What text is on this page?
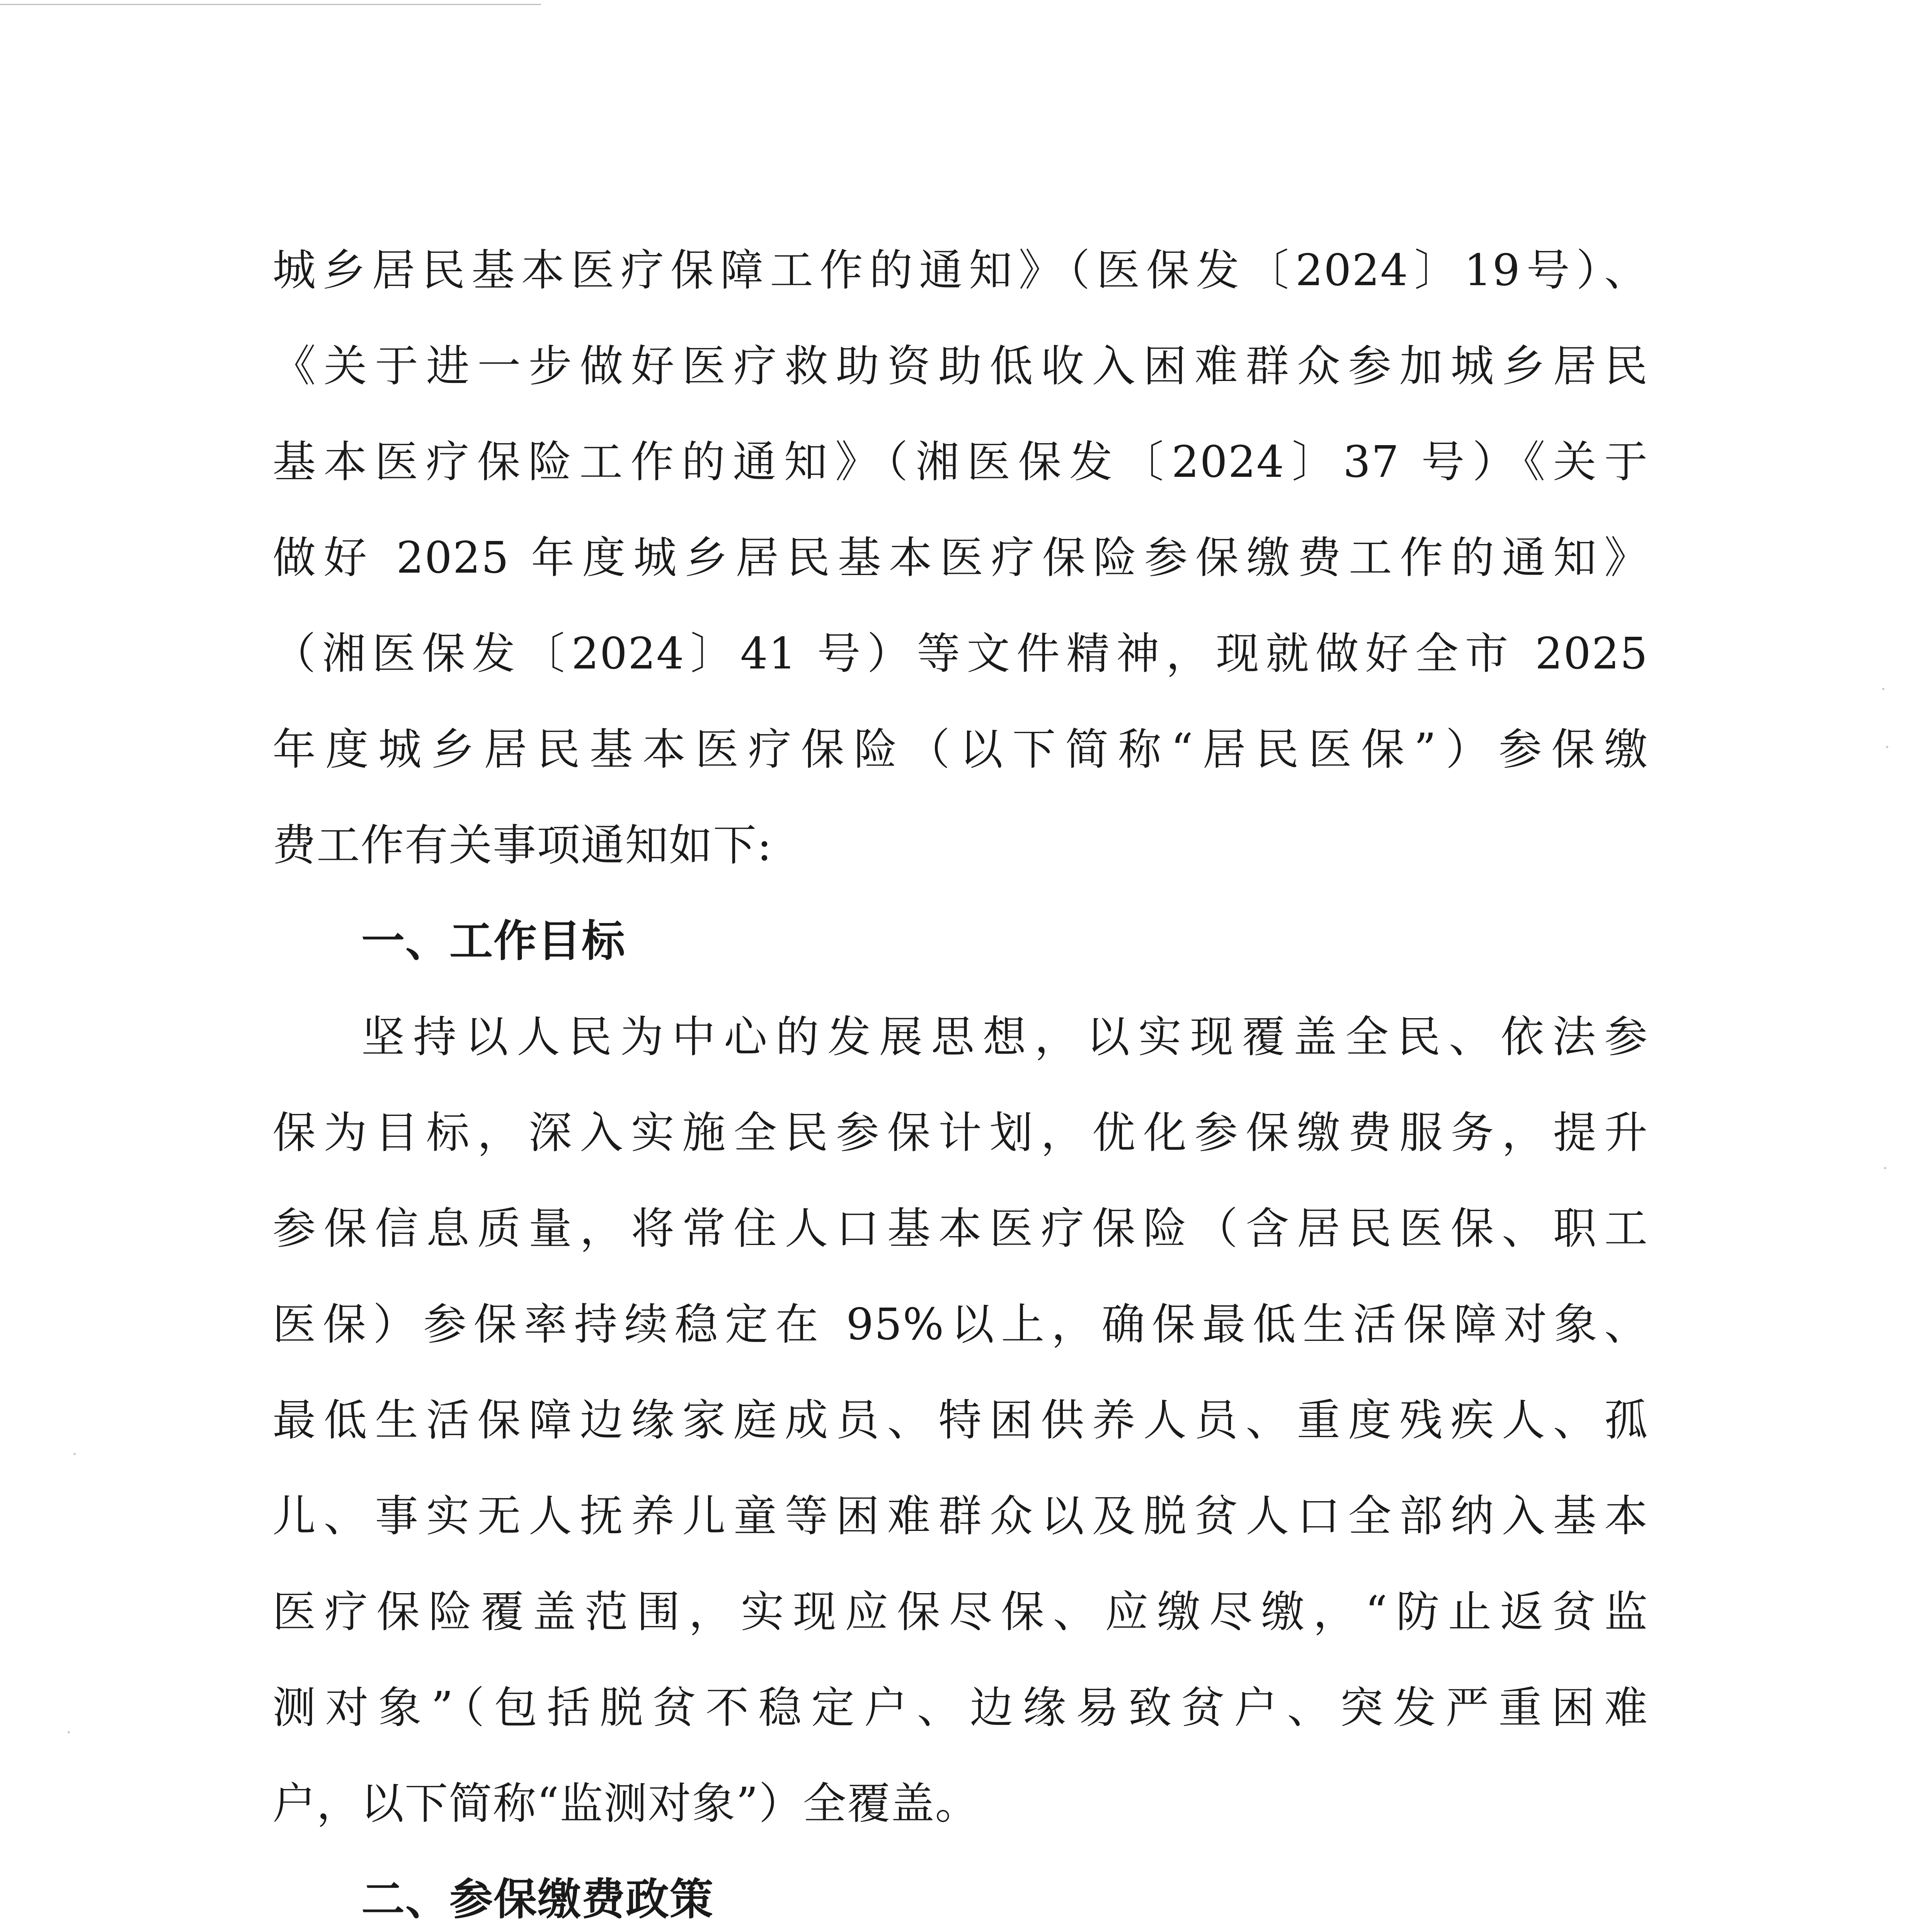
城乡居民基本医疗保障工作的通知》（医保发〔2024〕19号）、
《关于进一步做好医疗救助资助低收入困难群众参加城乡居民
基本医疗保险工作的通知》（湘医保发〔2024〕37 号）《关于
做好 2025 年度城乡居民基本医疗保险参保缴费工作的通知》
（湘医保发〔2024〕41 号）等文件精神，现就做好全市 2025
年度城乡居民基本医疗保险（以下简称“居民医保”）参保缴
费工作有关事项通知如下:
一、工作目标
坚持以人民为中心的发展思想，以实现覆盖全民、依法参
保为目标，深入实施全民参保计划，优化参保缴费服务，提升
参保信息质量，将常住人口基本医疗保险（含居民医保、职工
医保）参保率持续稳定在 95%以上，确保最低生活保障对象、
最低生活保障边缘家庭成员、特困供养人员、重度残疾人、孤
儿、事实无人抚养儿童等困难群众以及脱贫人口全部纳入基本
医疗保险覆盖范围，实现应保尽保、应缴尽缴，“防止返贫监
测对象”（包括脱贫不稳定户、边缘易致贫户、突发严重困难
户，以下简称“监测对象”）全覆盖。
二、参保缴费政策
